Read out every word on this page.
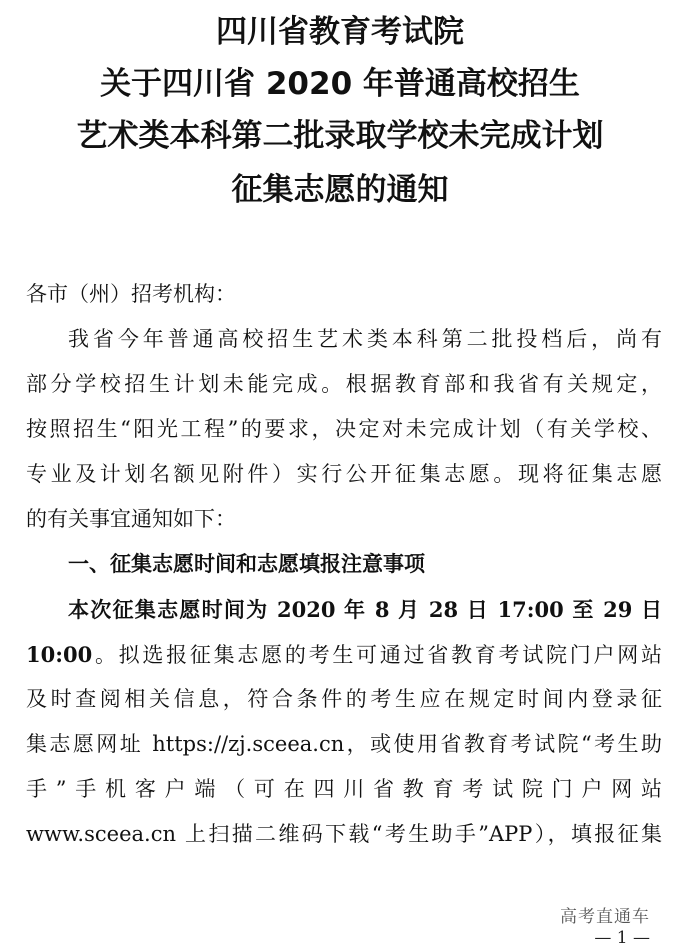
四川省教育考试院
关于四川省 2020 年普通高校招生
艺术类本科第二批录取学校未完成计划
征集志愿的通知
各市（州）招考机构：
我省今年普通高校招生艺术类本科第二批投档后，尚有
部分学校招生计划未能完成。根据教育部和我省有关规定，
按照招生“阳光工程”的要求，决定对未完成计划（有关学校、
专业及计划名额见附件）实行公开征集志愿。现将征集志愿
的有关事宜通知如下：
一、征集志愿时间和志愿填报注意事项
本次征集志愿时间为 2020 年 8 月 28 日 17:00 至 29 日
10:00。拟选报征集志愿的考生可通过省教育考试院门户网站
及时查阅相关信息，符合条件的考生应在规定时间内登录征
集志愿网址 https://zj.sceea.cn，或使用省教育考试院“考生助
手”手机客户端（可在四川省教育考试院门户网站
www.sceea.cn 上扫描二维码下载“考生助手”APP），填报征集
高考直通车
— 1 —
